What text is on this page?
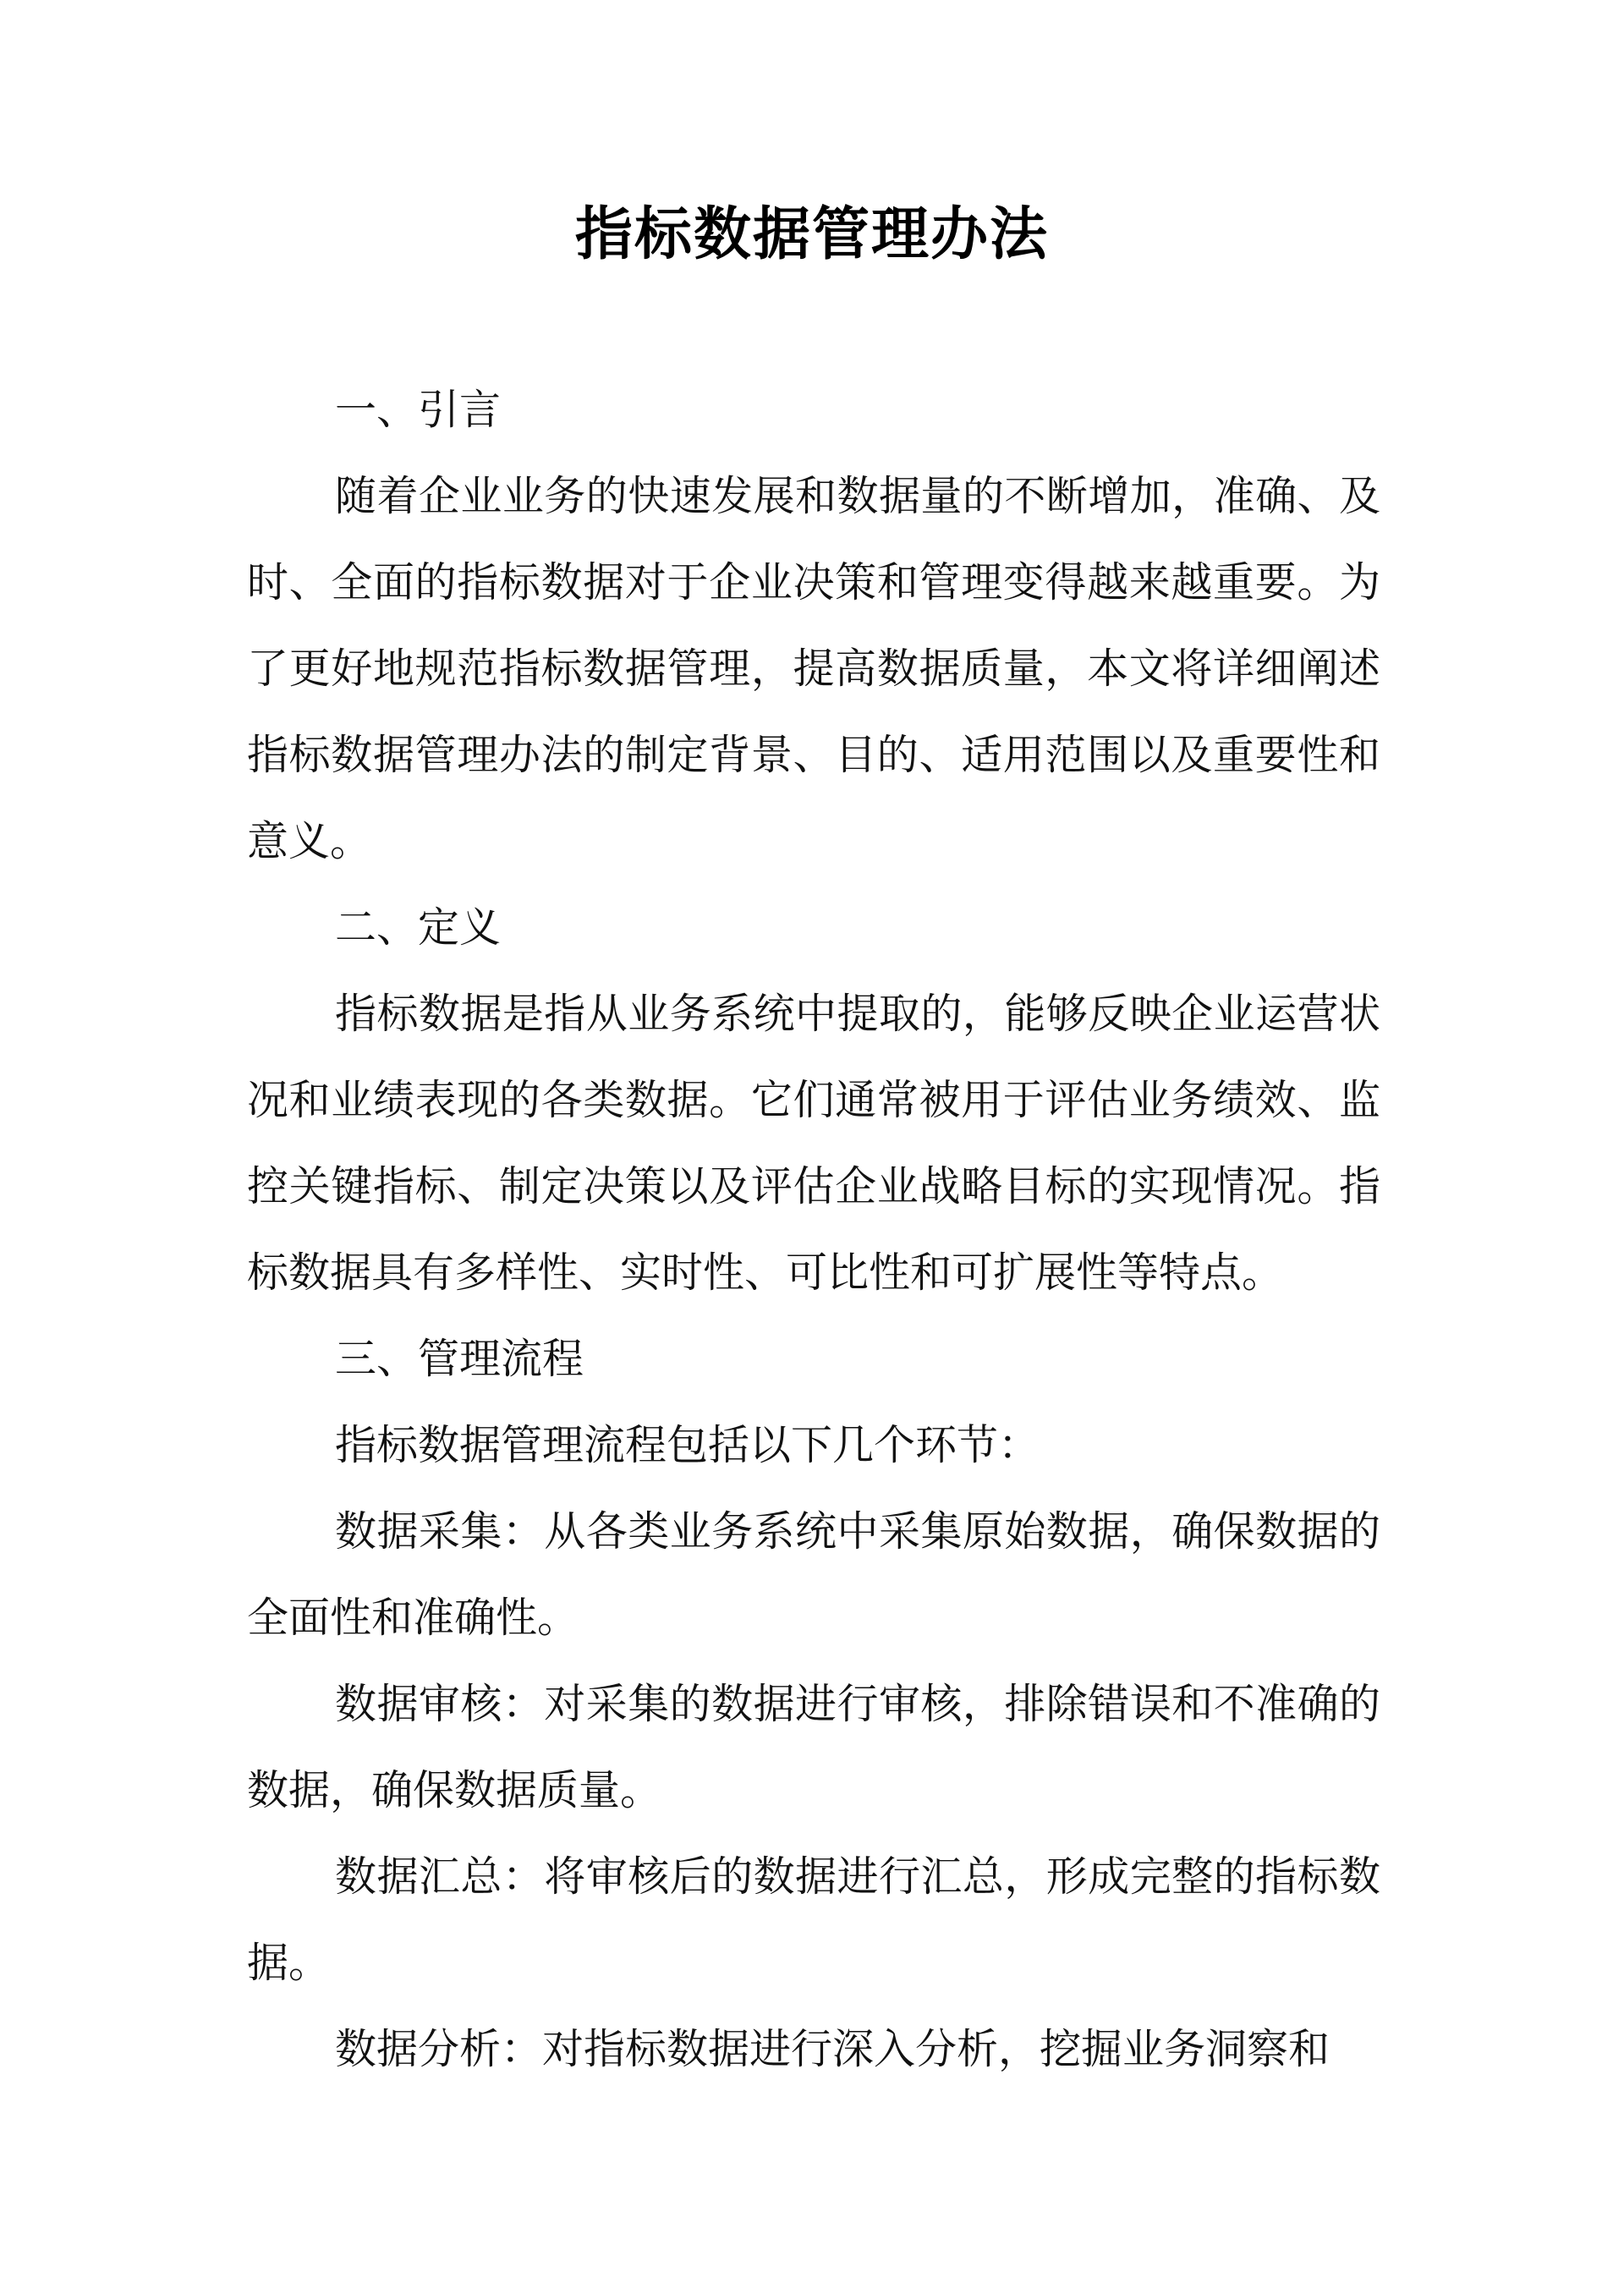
指标数据管理办法

一、引言

随着企业业务的快速发展和数据量的不断增加，准确、及时、全面的指标数据对于企业决策和管理变得越来越重要。为了更好地规范指标数据管理，提高数据质量，本文将详细阐述指标数据管理办法的制定背景、目的、适用范围以及重要性和意义。

二、定义

指标数据是指从业务系统中提取的，能够反映企业运营状况和业绩表现的各类数据。它们通常被用于评估业务绩效、监控关键指标、制定决策以及评估企业战略目标的实现情况。指标数据具有多样性、实时性、可比性和可扩展性等特点。

三、管理流程

指标数据管理流程包括以下几个环节：

数据采集：从各类业务系统中采集原始数据，确保数据的全面性和准确性。

数据审核：对采集的数据进行审核，排除错误和不准确的数据，确保数据质量。

数据汇总：将审核后的数据进行汇总，形成完整的指标数据。

数据分析：对指标数据进行深入分析，挖掘业务洞察和
